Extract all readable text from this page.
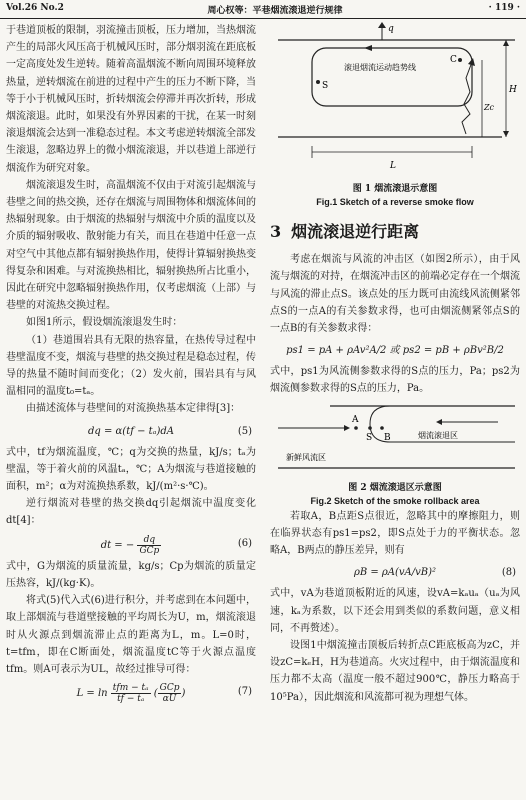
Vol.26 No.2	周心权等：平巷烟流滚退逆行规律	· 119 ·

于巷道顶板的限制，羽流撞击顶板，压力增加，当热烟流产生的局部火风压高于机械风压时，部分烟羽流在距底板一定高度处发生逆转。随着高温烟流不断向周围环境释放热量，逆转烟流在前进的过程中产生的压力不断下降，当等于小于机械风压时，折转烟流会停滞并再次折转，形成烟流滚退。此时，如果没有外界因素的干扰，在某一时刻滚退烟流会达到一准稳态过程。本文考虑逆转烟流全部发生滚退，忽略边界上的微小烟流滚退，并以巷道上部逆行烟流作为研究对象。

烟流滚退发生时，高温烟流不仅由于对流引起烟流与巷壁之间的热交换，还存在烟流与周围物体和烟流体间的热辐射现象。由于烟流的热辐射与烟流中介质的温度以及介质的辐射吸收、散射能力有关，而且在巷道中任意一点对空气中其他点都有辐射换热作用，使得计算辐射换热变得复杂和困难。与对流换热相比，辐射换热所占比重小，因此在研究中忽略辐射换热作用，仅考虑烟流（上部）与巷壁的对流热交换过程。

如图1所示，假设烟流滚退发生时：

（1）巷道围岩具有无限的热容量，在热传导过程中巷壁温度不变，烟流与巷壁的热交换过程是稳态过程，传导的热量不随时间而变化；（2）发火前，围岩具有与风温相同的温度t₀=tₐ。

由描述流体与巷壁间的对流换热基本定律得[3]：

dq = α(tf − tₐ)dA	(5)

式中，tf为烟流温度，℃；q为交换的热量，kJ/s；tₐ为壁温，等于着火前的风温tₐ，℃；A为烟流与巷道接触的面积，m²；α为对流换热系数，kJ/(m²·s·℃)。

逆行烟流对巷壁的热交换dq引起烟流中温度变化dt[4]：

dt = − $\frac{dq}{\text{GCp}}$	(6)

式中，G为烟流的质量流量，kg/s；Cp为烟流的质量定压热容，kJ/(kg·K)。

将式(5)代入式(6)进行积分，并考虑到在本问题中，取上部烟流与巷道壁接触的平均周长为U，m，烟流滚退时从火源点到烟流滞止点的距离为L，m。L=0时，t=tfm，即在C断面处，烟流温度tC等于火源点温度tfm。则A可表示为UL，故经过推导可得：

$L = \ln \frac{\text{tfm − tₐ}}{\text{tf − tₐ}}$ ( $\frac{\text{GCp}}{\alpha U}$ )	(7)
q
滚退烟流运动趋势线
C
S
Zc
H
L
图 1 烟流滚退示意图
Fig.1 Sketch of a reverse smoke flow
3 烟流滚退逆行距离

考虑在烟流与风流的冲击区（如图2所示），由于风流与烟流的对持，在烟流冲击区的前端必定存在一个烟流与风流的滞止点S。该点处的压力既可由流线风流侧紧邻点S的一点A的有关参数求得，也可由烟流侧紧邻点S的一点B的有关参数求得：

ps1 = pA + ρAv²A/2 或 ps2 = pB + ρBv²B/2

式中，ps1为风流侧参数求得的S点的压力，Pa；ps2为烟流侧参数求得的S点的压力，Pa。

A
S B	烟流滚退区
新鲜风流区
图 2 烟流滚退区示意图
Fig.2 Sketch of the smoke rollback area

若取A，B点距S点很近，忽略其中的摩擦阻力，则在临界状态有ps1=ps2，即S点处于力的平衡状态。忽略A，B两点的静压差异，则有

ρB = ρA(vA/vB)²	(8)

式中，vA为巷道顶板附近的风速，设vA=kₐuₐ（uₐ为风速，kₐ为系数，以下还会用到类似的系数问题，意义相同，不再赘述）。

设图1中烟流撞击顶板后转折点C距底板高为zC，并设zC=kₑH，H为巷道高。火灾过程中，由于烟流温度和压力都不太高（温度一般不超过900℃，静压力略高于10⁵Pa），因此烟流和风流都可视为理想气体。
